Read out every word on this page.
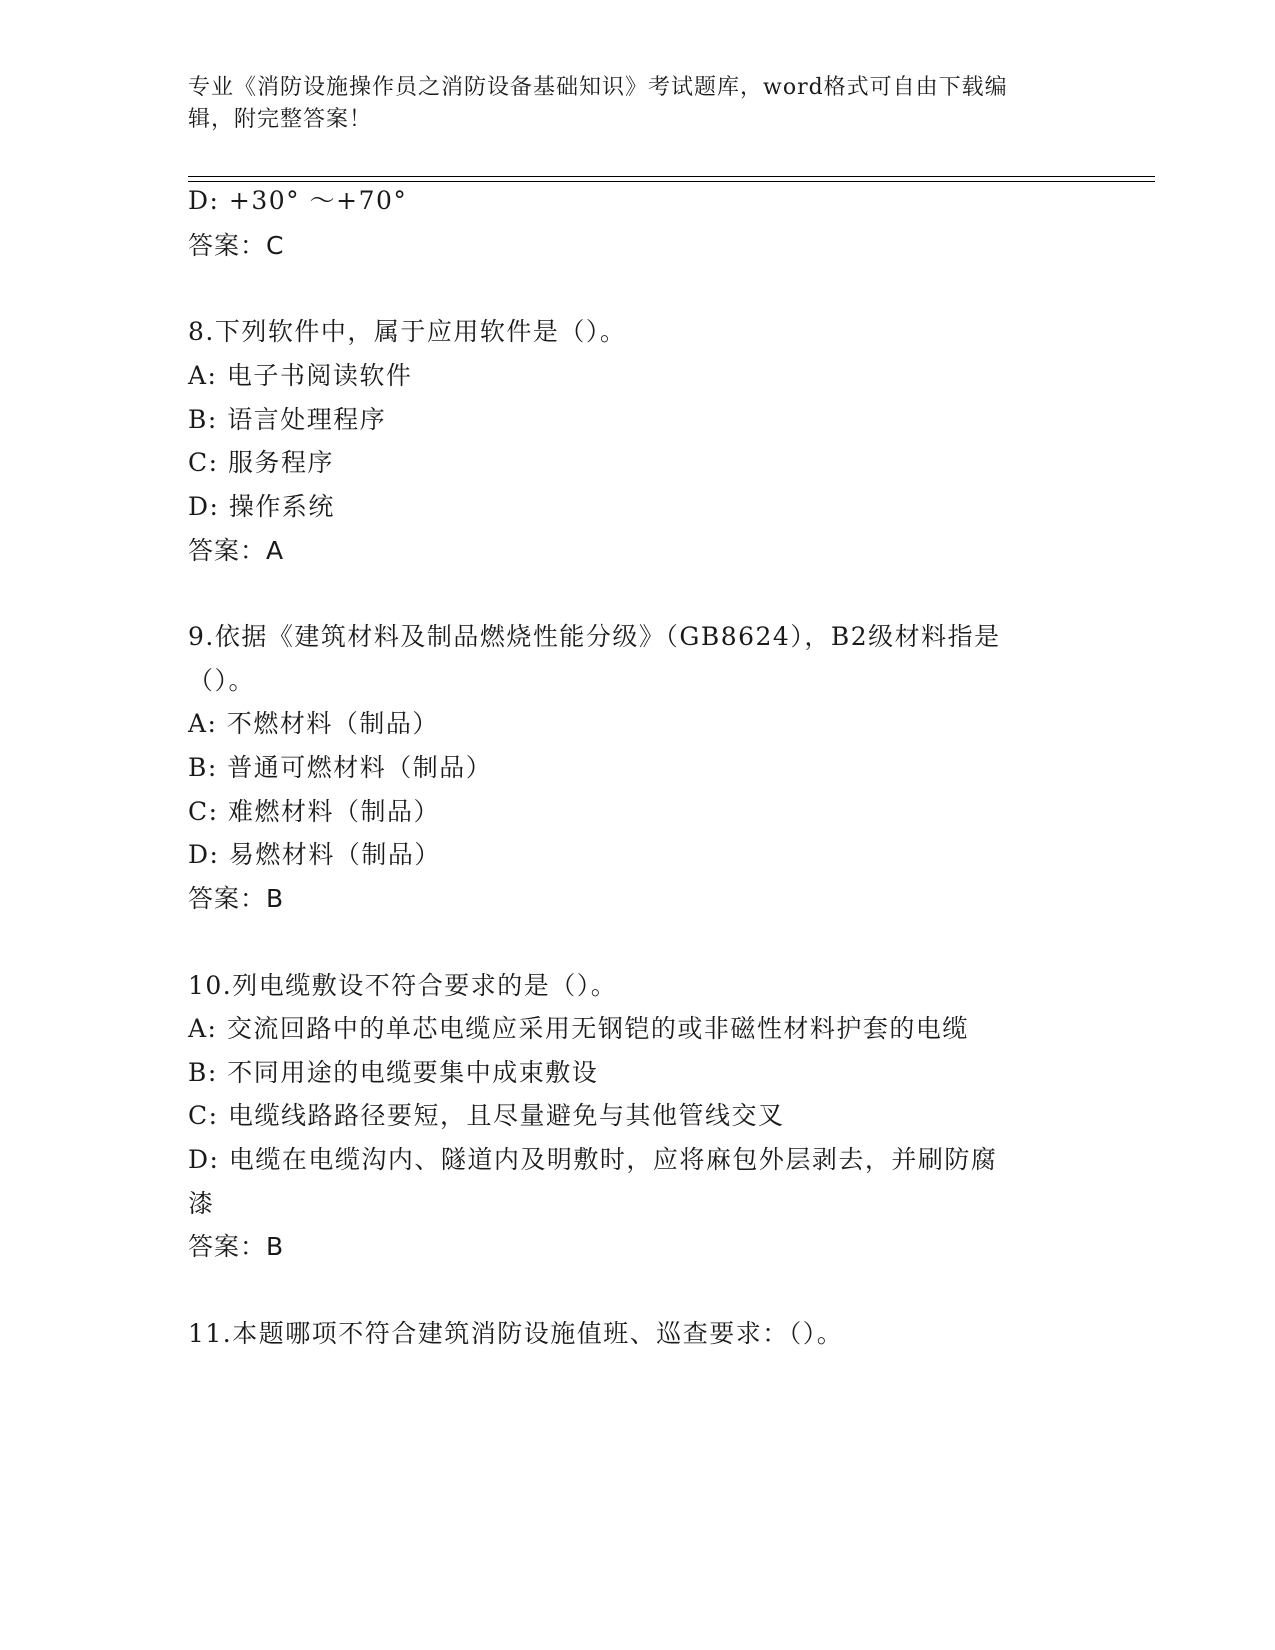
专业《消防设施操作员之消防设备基础知识》考试题库，word格式可自由下载编
辑，附完整答案！
D: +30° ～+70°
答案：C
8.下列软件中，属于应用软件是（）。
A: 电子书阅读软件
B: 语言处理程序
C: 服务程序
D: 操作系统
答案：A
9.依据《建筑材料及制品燃烧性能分级》（GB8624），B2级材料指是
（）。
A: 不燃材料（制品）
B: 普通可燃材料（制品）
C: 难燃材料（制品）
D: 易燃材料（制品）
答案：B
10.列电缆敷设不符合要求的是（）。
A: 交流回路中的单芯电缆应采用无钢铠的或非磁性材料护套的电缆
B: 不同用途的电缆要集中成束敷设
C: 电缆线路路径要短，且尽量避免与其他管线交叉
D: 电缆在电缆沟内、隧道内及明敷时，应将麻包外层剥去，并刷防腐
漆
答案：B
11.本题哪项不符合建筑消防设施值班、巡查要求：（）。
